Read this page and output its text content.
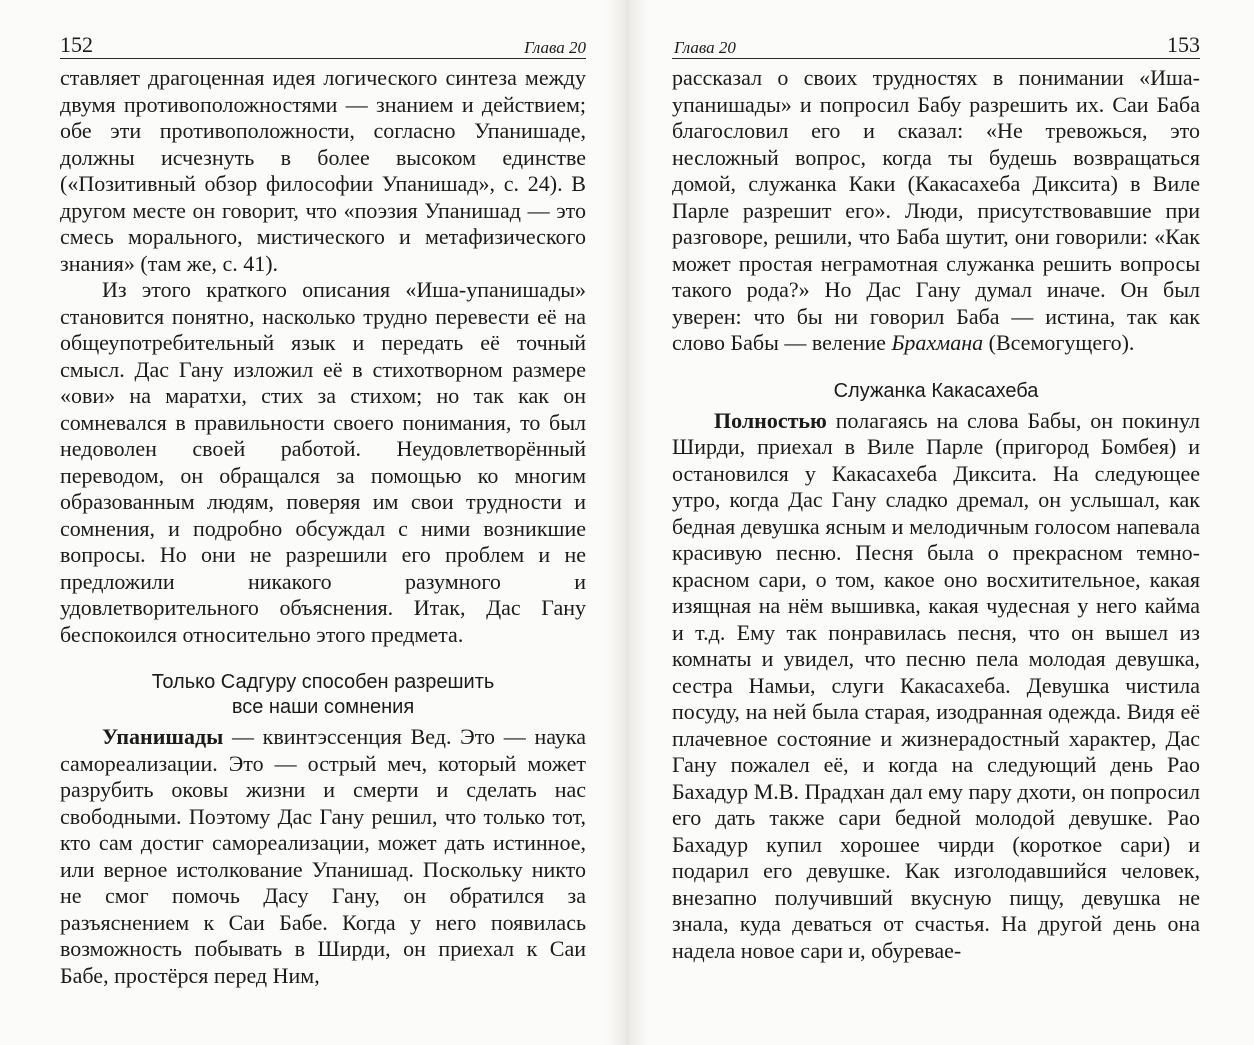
152	Глава 20

ставляет драгоценная идея логического синтеза между двумя противоположностями — знанием и действием; обе эти противоположности, согласно Упанишаде, должны исчезнуть в более высоком единстве («Позитивный обзор философии Упанишад», с. 24). В другом месте он говорит, что «поэзия Упанишад — это смесь морального, мистического и метафизического знания» (там же, с. 41).

Из этого краткого описания «Иша-упанишады» становится понятно, насколько трудно перевести её на общеупотребительный язык и передать её точный смысл. Дас Гану изложил её в стихотворном размере «ови» на маратхи, стих за стихом; но так как он сомневался в правильности своего понимания, то был недоволен своей работой. Неудовлетворённый переводом, он обращался за помощью ко многим образованным людям, поверяя им свои трудности и сомнения, и подробно обсуждал с ними возникшие вопросы. Но они не разрешили его проблем и не предложили никакого разумного и удовлетворительного объяснения. Итак, Дас Гану беспокоился относительно этого предмета.

Только Садгуру способен разрешить
все наши сомнения

Упанишады — квинтэссенция Вед. Это — наука самореализации. Это — острый меч, который может разрубить оковы жизни и смерти и сделать нас свободными. Поэтому Дас Гану решил, что только тот, кто сам достиг самореализации, может дать истинное, или верное истолкование Упанишад. Поскольку никто не смог помочь Дасу Гану, он обратился за разъяснением к Саи Бабе. Когда у него появилась возможность побывать в Ширди, он приехал к Саи Бабе, простёрся перед Ним,

Глава 20	153

рассказал о своих трудностях в понимании «Иша-упанишады» и попросил Бабу разрешить их. Саи Баба благословил его и сказал: «Не тревожься, это несложный вопрос, когда ты будешь возвращаться домой, служанка Каки (Какасахеба Диксита) в Виле Парле разрешит его». Люди, присутствовавшие при разговоре, решили, что Баба шутит, они говорили: «Как может простая неграмотная служанка решить вопросы такого рода?» Но Дас Гану думал иначе. Он был уверен: что бы ни говорил Баба — истина, так как слово Бабы — веление Брахмана (Всемогущего).

Служанка Какасахеба

Полностью полагаясь на слова Бабы, он покинул Ширди, приехал в Виле Парле (пригород Бомбея) и остановился у Какасахеба Диксита. На следующее утро, когда Дас Гану сладко дремал, он услышал, как бедная девушка ясным и мелодичным голосом напевала красивую песню. Песня была о прекрасном темно-красном сари, о том, какое оно восхитительное, какая изящная на нём вышивка, какая чудесная у него кайма и т.д. Ему так понравилась песня, что он вышел из комнаты и увидел, что песню пела молодая девушка, сестра Намьи, слуги Какасахеба. Девушка чистила посуду, на ней была старая, изодранная одежда. Видя её плачевное состояние и жизнерадостный характер, Дас Гану пожалел её, и когда на следующий день Рао Бахадур М.В. Прадхан дал ему пару дхоти, он попросил его дать также сари бедной молодой девушке. Рао Бахадур купил хорошее чирди (короткое сари) и подарил его девушке. Как изголодавшийся человек, внезапно получивший вкусную пищу, девушка не знала, куда деваться от счастья. На другой день она надела новое сари и, обуреваe-
